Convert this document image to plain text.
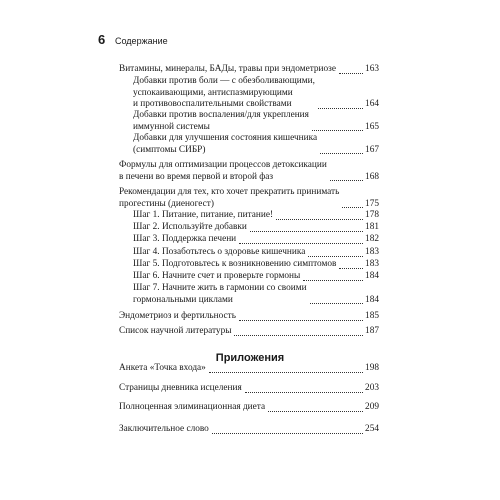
6 Содержание
Витамины, минералы, БАДы, травы при эндометриозе	163
Добавки против боли — с обезболивающими,
успокаивающими, антиспазмирующими
и противовоспалительными свойствами	164
Добавки против воспаления/для укрепления
иммунной системы	165
Добавки для улучшения состояния кишечника
(симптомы СИБР)	167
Формулы для оптимизации процессов детоксикации
в печени во время первой и второй фаз	168
Рекомендации для тех, кто хочет прекратить принимать
прогестины (диеногест)	175
Шаг 1. Питание, питание, питание!	178
Шаг 2. Используйте добавки	181
Шаг 3. Поддержка печени	182
Шаг 4. Позаботьтесь о здоровье кишечника	183
Шаг 5. Подготовьтесь к возникновению симптомов	183
Шаг 6. Начните счет и проверьте гормоны	184
Шаг 7. Начните жить в гармонии со своими
гормональными циклами	184
Эндометриоз и фертильность	185
Список научной литературы	187
Приложения
Анкета «Точка входа»	198
Страницы дневника исцеления	203
Полноценная элиминационная диета	209
Заключительное слово	254
